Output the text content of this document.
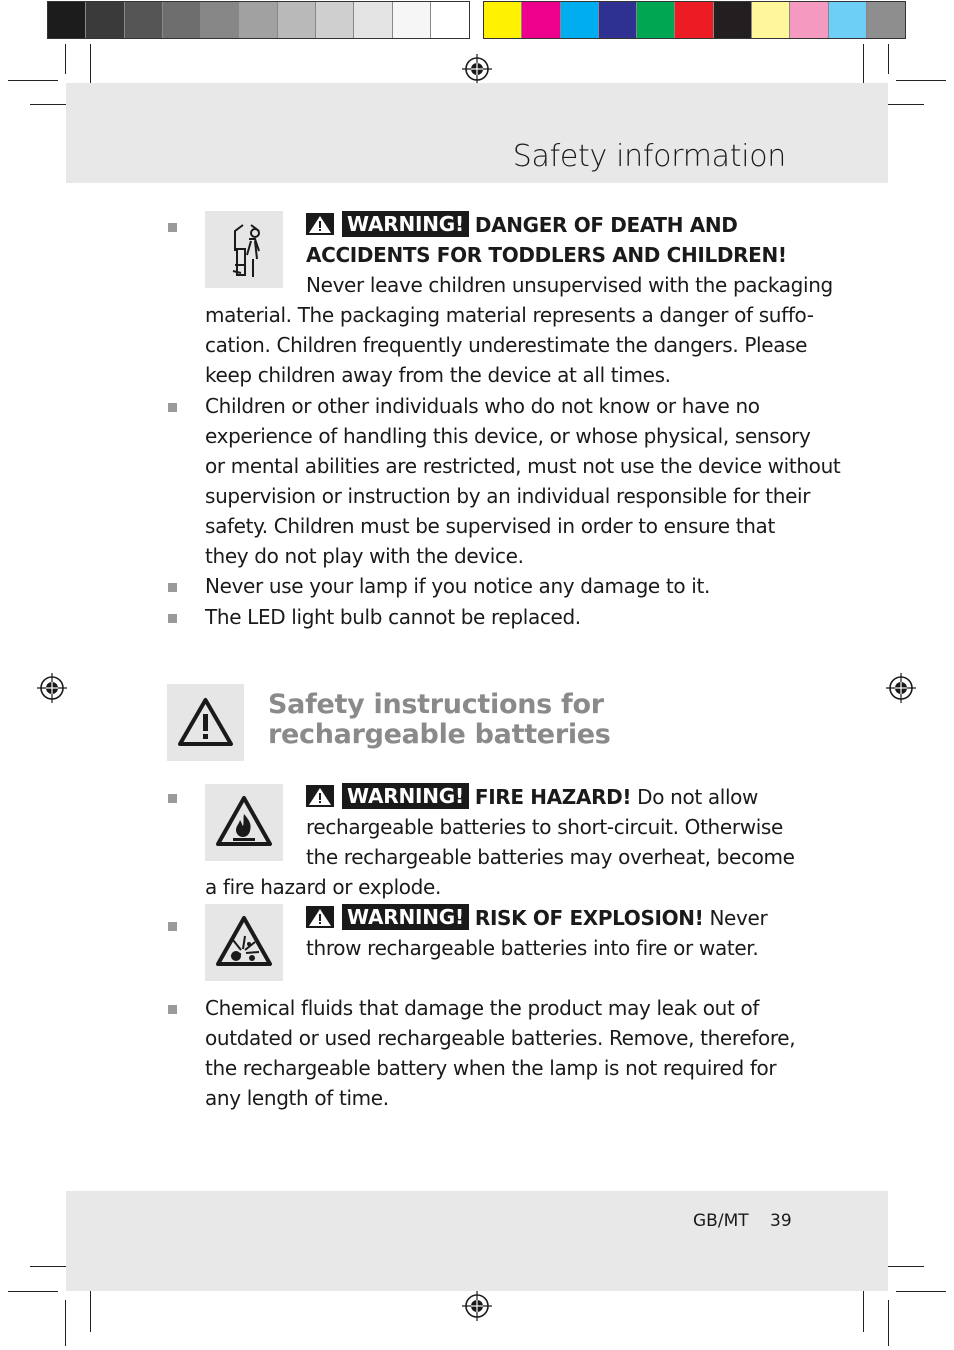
Safety information
WARNING! DANGER OF DEATH AND
ACCIDENTS FOR TODDLERS AND CHILDREN!
Never leave children unsupervised with the packaging
material. The packaging material represents a danger of suffo-
cation. Children frequently underestimate the dangers. Please
keep children away from the device at all times.
Children or other individuals who do not know or have no
experience of handling this device, or whose physical, sensory
or mental abilities are restricted, must not use the device without
supervision or instruction by an individual responsible for their
safety. Children must be supervised in order to ensure that
they do not play with the device.
Never use your lamp if you notice any damage to it.
The LED light bulb cannot be replaced.
Safety instructions for
rechargeable batteries
WARNING! FIRE HAZARD! Do not allow
rechargeable batteries to short-circuit. Otherwise
the rechargeable batteries may overheat, become
a fire hazard or explode.
WARNING! RISK OF EXPLOSION! Never
throw rechargeable batteries into fire or water.
Chemical fluids that damage the product may leak out of
outdated or used rechargeable batteries. Remove, therefore,
the rechargeable battery when the lamp is not required for
any length of time.
GB/MT 39
